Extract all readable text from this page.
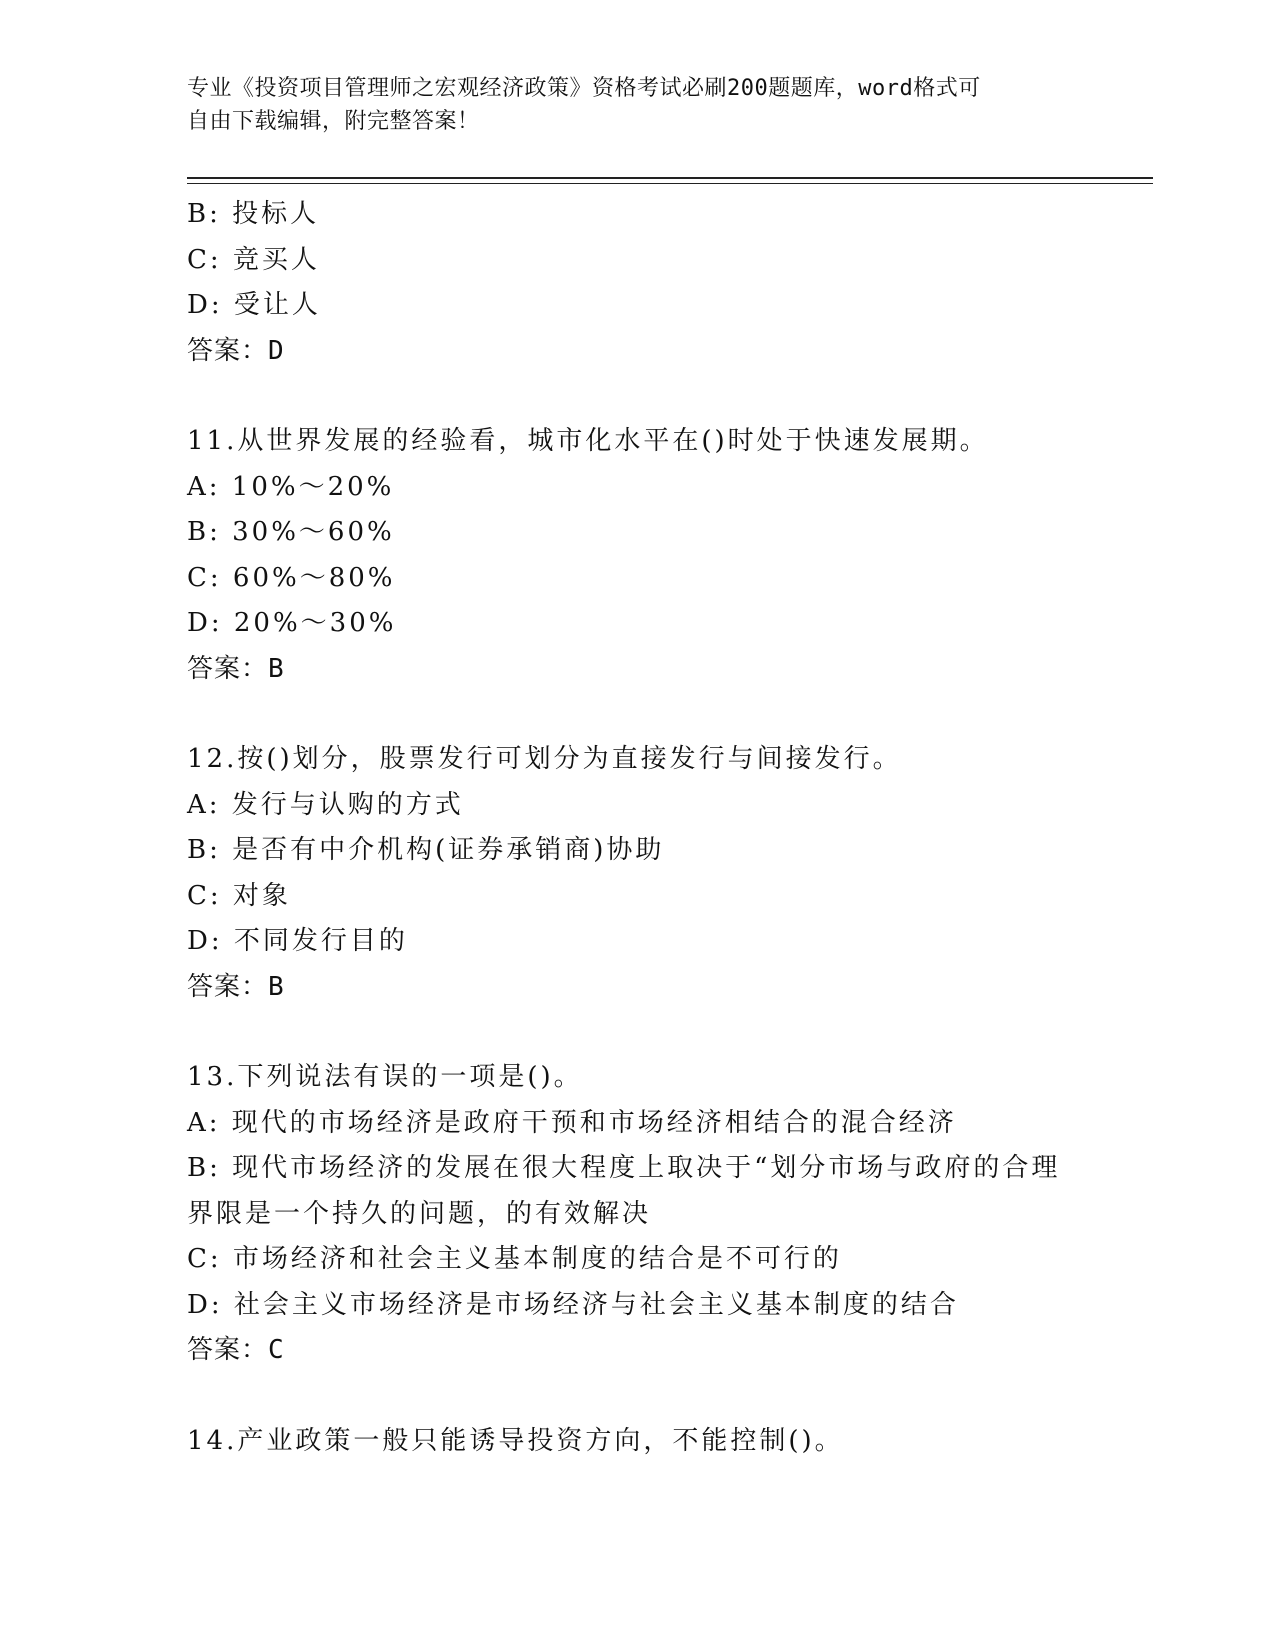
专业《投资项目管理师之宏观经济政策》资格考试必刷200题题库，word格式可
自由下载编辑，附完整答案！
B: 投标人
C: 竞买人
D: 受让人
答案：D
11.从世界发展的经验看，城市化水平在()时处于快速发展期。
A: 10%～20%
B: 30%～60%
C: 60%～80%
D: 20%～30%
答案：B
12.按()划分，股票发行可划分为直接发行与间接发行。
A: 发行与认购的方式
B: 是否有中介机构(证券承销商)协助
C: 对象
D: 不同发行目的
答案：B
13.下列说法有误的一项是()。
A: 现代的市场经济是政府干预和市场经济相结合的混合经济
B: 现代市场经济的发展在很大程度上取决于“划分市场与政府的合理
界限是一个持久的问题，的有效解决
C: 市场经济和社会主义基本制度的结合是不可行的
D: 社会主义市场经济是市场经济与社会主义基本制度的结合
答案：C
14.产业政策一般只能诱导投资方向，不能控制()。
